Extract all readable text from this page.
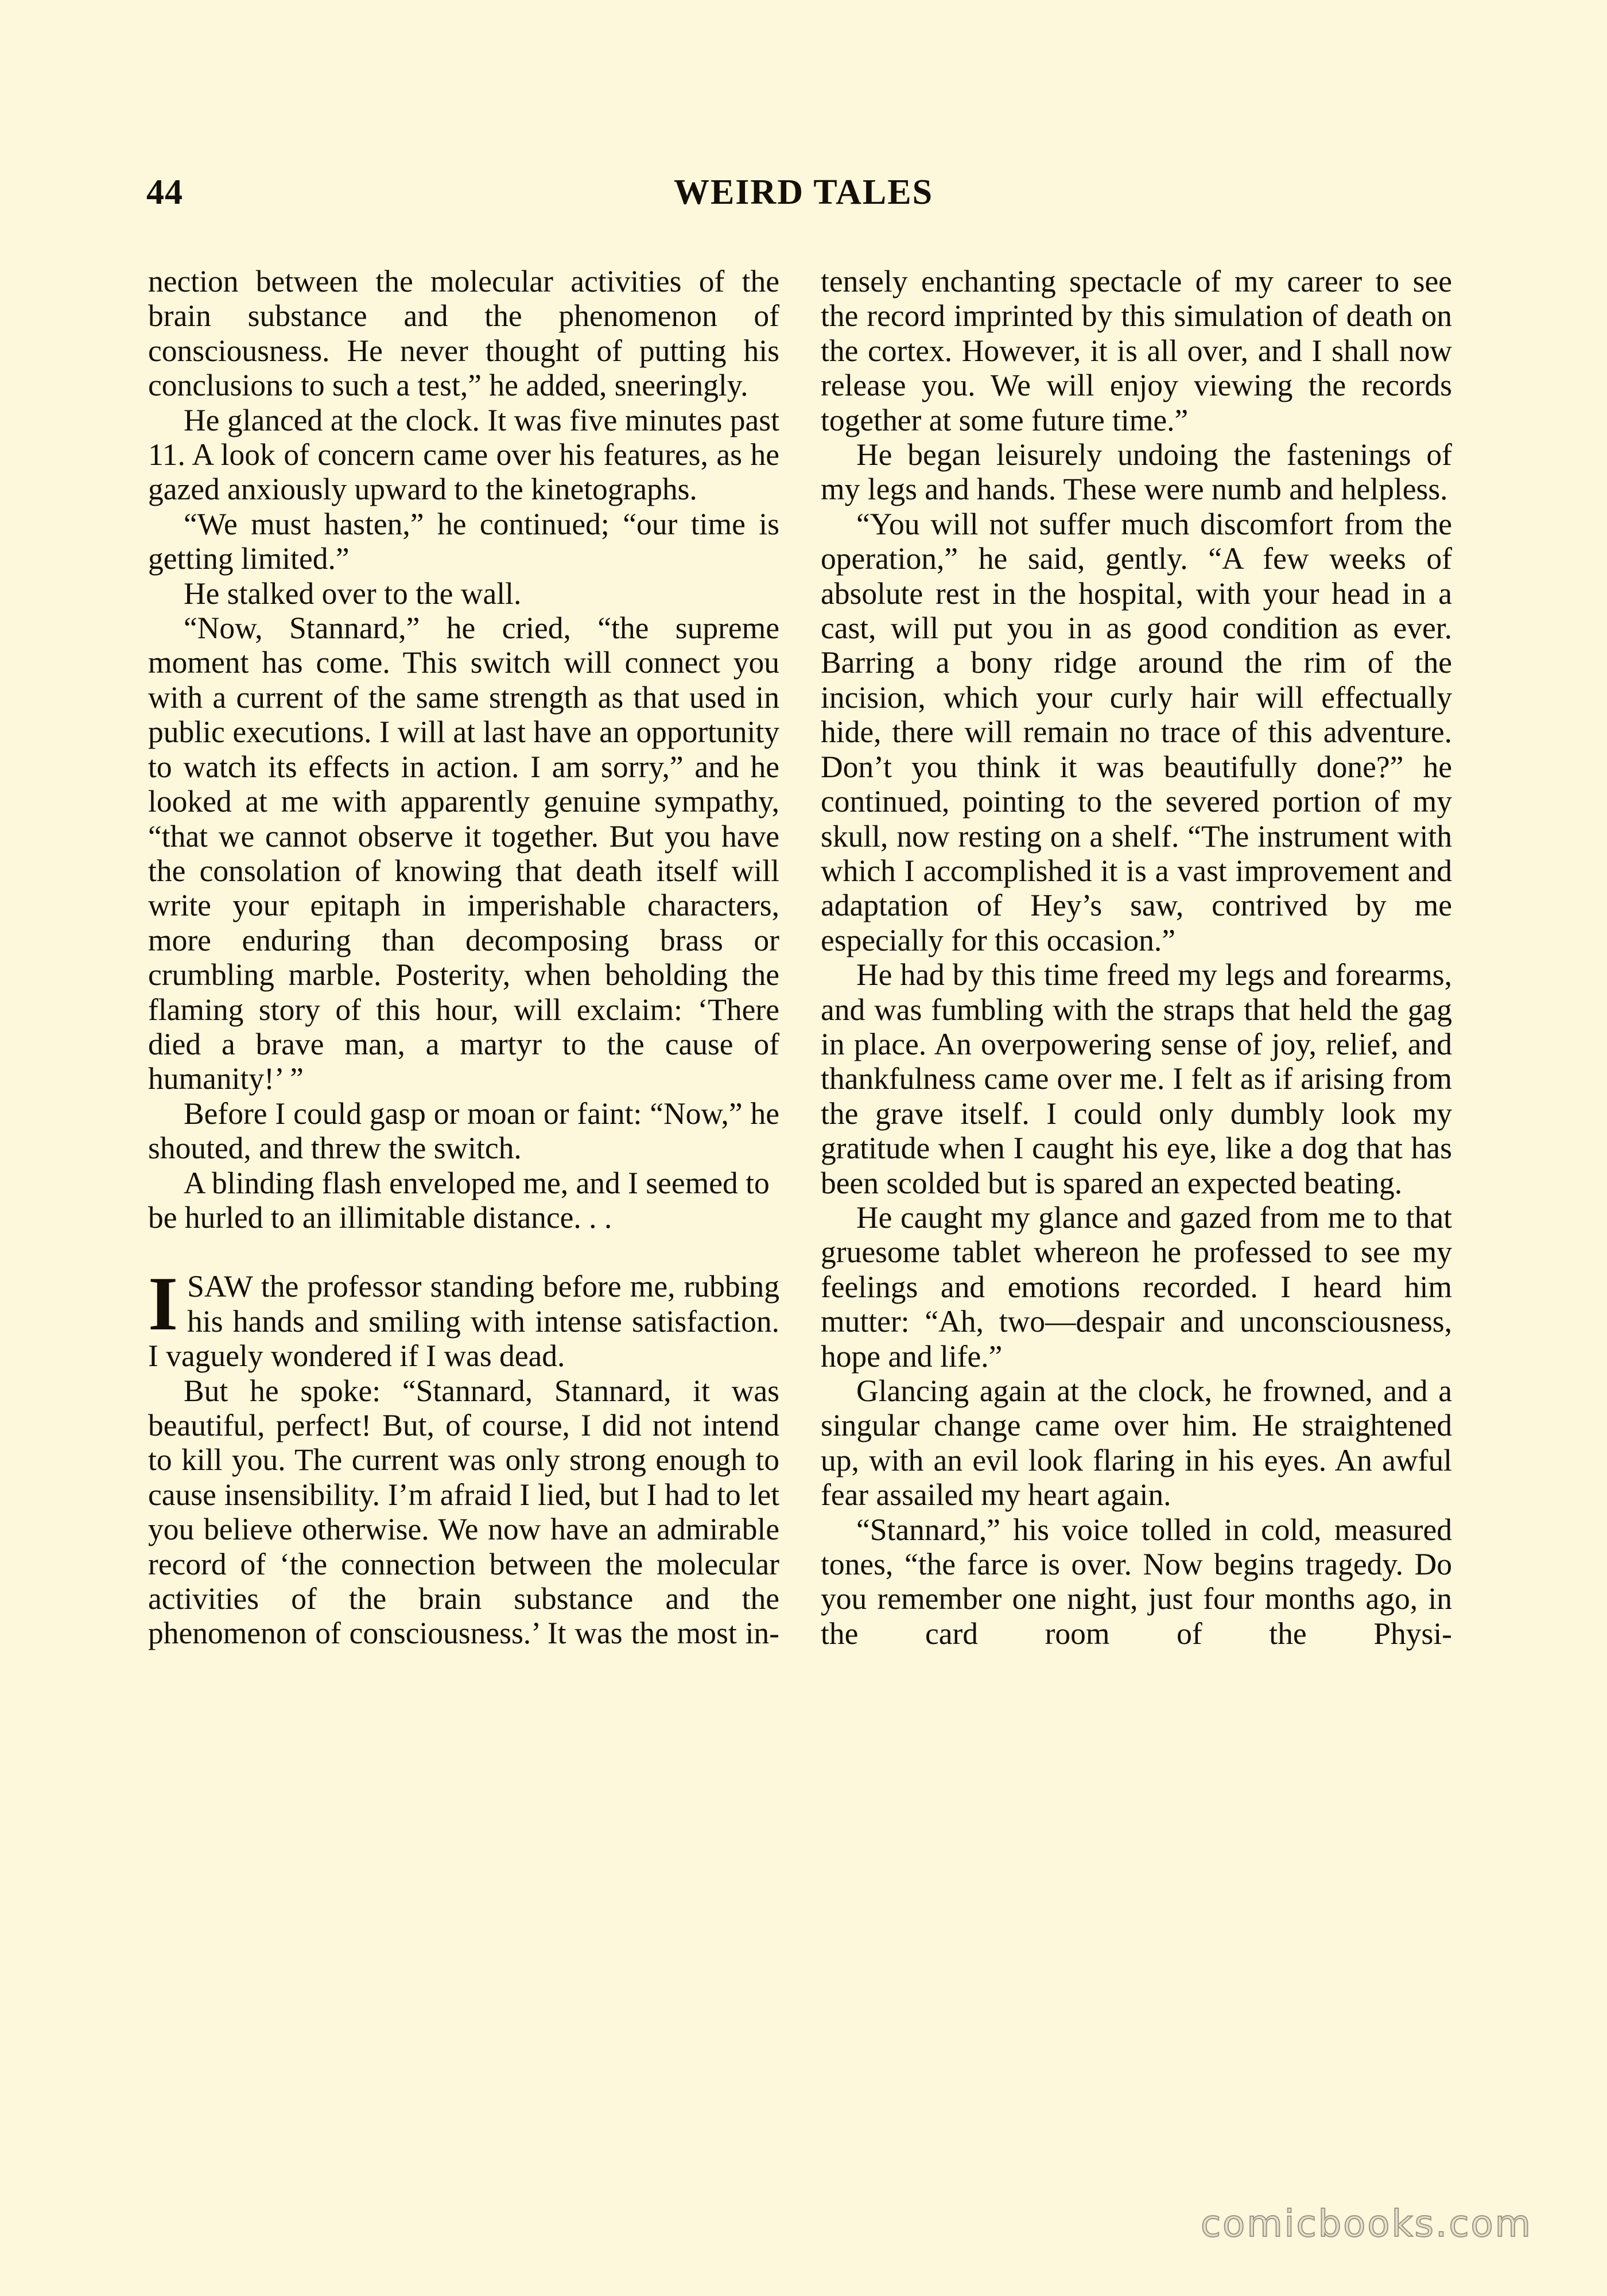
44	WEIRD TALES

nection between the molecular activities of the brain substance and the phenomenon of consciousness. He never thought of putting his conclusions to such a test,” he added, sneeringly.

He glanced at the clock. It was five minutes past 11. A look of concern came over his features, as he gazed anxiously upward to the kinetographs.

“We must hasten,” he continued; “our time is getting limited.”

He stalked over to the wall.

“Now, Stannard,” he cried, “the supreme moment has come. This switch will connect you with a current of the same strength as that used in public executions. I will at last have an opportunity to watch its effects in action. I am sorry,” and he looked at me with apparently genuine sympathy, “that we cannot observe it together. But you have the consolation of knowing that death itself will write your epitaph in imperishable characters, more enduring than decomposing brass or crumbling marble. Posterity, when beholding the flaming story of this hour, will exclaim: ‘There died a brave man, a martyr to the cause of humanity!’ ”

Before I could gasp or moan or faint: “Now,” he shouted, and threw the switch.

A blinding flash enveloped me, and I seemed to be hurled to an illimitable distance. . .

ISAW the professor standing before me, rubbing his hands and smiling with intense satisfaction. I vaguely wondered if I was dead.

But he spoke: “Stannard, Stannard, it was beautiful, perfect! But, of course, I did not intend to kill you. The current was only strong enough to cause insensibility. I’m afraid I lied, but I had to let you believe otherwise. We now have an admirable record of ‘the connection between the molecular activities of the brain substance and the phenomenon of consciousness.’ It was the most in-

tensely enchanting spectacle of my career to see the record imprinted by this simulation of death on the cortex. However, it is all over, and I shall now release you. We will enjoy viewing the records together at some future time.”

He began leisurely undoing the fastenings of my legs and hands. These were numb and helpless.

“You will not suffer much discomfort from the operation,” he said, gently. “A few weeks of absolute rest in the hospital, with your head in a cast, will put you in as good condition as ever. Barring a bony ridge around the rim of the incision, which your curly hair will effectually hide, there will remain no trace of this adventure. Don’t you think it was beautifully done?” he continued, pointing to the severed portion of my skull, now resting on a shelf. “The instrument with which I accomplished it is a vast improvement and adaptation of Hey’s saw, contrived by me especially for this occasion.”

He had by this time freed my legs and forearms, and was fumbling with the straps that held the gag in place. An overpowering sense of joy, relief, and thankfulness came over me. I felt as if arising from the grave itself. I could only dumbly look my gratitude when I caught his eye, like a dog that has been scolded but is spared an expected beating.

He caught my glance and gazed from me to that gruesome tablet whereon he professed to see my feelings and emotions recorded. I heard him mutter: “Ah, two—despair and unconsciousness, hope and life.”

Glancing again at the clock, he frowned, and a singular change came over him. He straightened up, with an evil look flaring in his eyes. An awful fear assailed my heart again.

“Stannard,” his voice tolled in cold, measured tones, “the farce is over. Now begins tragedy. Do you remember one night, just four months ago, in the card room of the Physi-

comicbooks.com
